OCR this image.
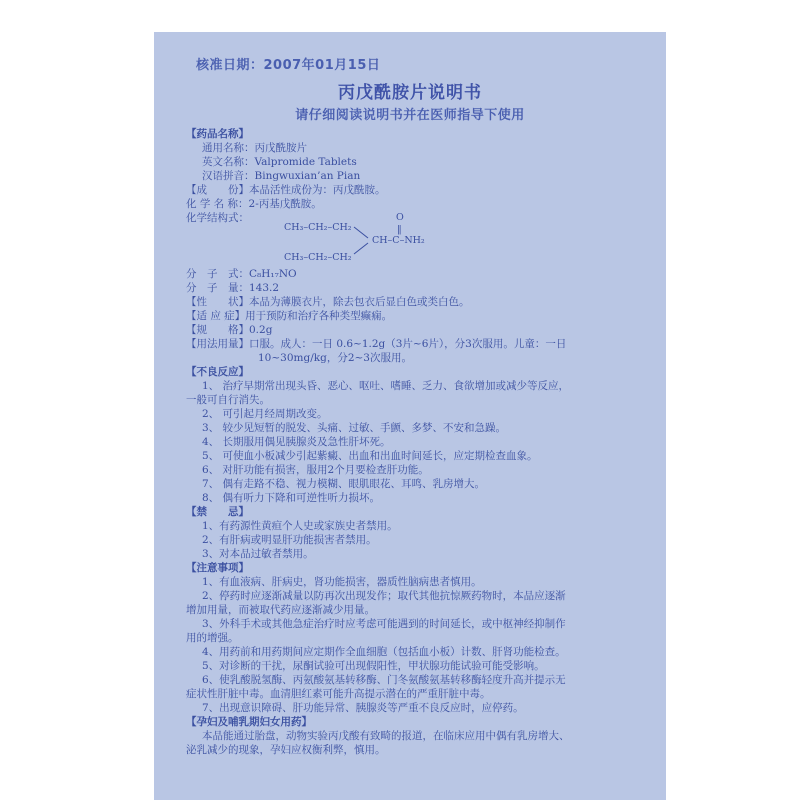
核准日期：2007年01月15日
丙戊酰胺片说明书
请仔细阅读说明书并在医师指导下使用
【药品名称】
通用名称：丙戊酰胺片
英文名称：Valpromide Tablets
汉语拼音：Bingwuxian’an Pian
【成　　份】本品活性成份为：丙戊酰胺。
化 学 名 称：2-丙基戊酰胺。
化学结构式：	O
‖
CH₃–CH₂–CH₂
CH₃–CH₂–CH₂
CH–C–NH₂
分　子　式：C₈H₁₇NO
分　子　量：143.2
【性　　状】本品为薄膜衣片，除去包衣后显白色或类白色。
【适 应 症】用于预防和治疗各种类型癫痫。
【规　　格】0.2g
【用法用量】口服。成人：一日 0.6~1.2g（3片~6片），分3次服用。儿童：一日
10~30mg/kg，分2~3次服用。
【不良反应】
1、 治疗早期常出现头昏、恶心、呕吐、嗜睡、乏力、食欲增加或减少等反应，
一般可自行消失。
2、 可引起月经周期改变。
3、 较少见短暂的脱发、头痛、过敏、手颤、多梦、不安和急躁。
4、 长期服用偶见胰腺炎及急性肝坏死。
5、 可使血小板减少引起紫癜、出血和出血时间延长，应定期检查血象。
6、 对肝功能有损害，服用2个月要检查肝功能。
7、 偶有走路不稳、视力模糊、眼肌眼花、耳鸣、乳房增大。
8、 偶有听力下降和可逆性听力损坏。
【禁　　忌】
1、有药源性黄疸个人史或家族史者禁用。
2、有肝病或明显肝功能损害者禁用。
3、对本品过敏者禁用。
【注意事项】
1、有血液病、肝病史，肾功能损害，器质性脑病患者慎用。
2、停药时应逐渐减量以防再次出现发作；取代其他抗惊厥药物时，本品应逐渐
增加用量，而被取代药应逐渐减少用量。
3、外科手术或其他急症治疗时应考虑可能遇到的时间延长，或中枢神经抑制作
用的增强。
4、用药前和用药期间应定期作全血细胞（包括血小板）计数、肝肾功能检查。
5、对诊断的干扰，尿酮试验可出现假阳性，甲状腺功能试验可能受影响。
6、使乳酸脱氢酶、丙氨酸氨基转移酶、门冬氨酸氨基转移酶轻度升高并提示无
症状性肝脏中毒。血清胆红素可能升高提示潜在的严重肝脏中毒。
7、出现意识障碍、肝功能异常、胰腺炎等严重不良反应时，应停药。
【孕妇及哺乳期妇女用药】
本品能通过胎盘，动物实验丙戊酸有致畸的报道，在临床应用中偶有乳房增大、
泌乳减少的现象，孕妇应权衡利弊，慎用。
